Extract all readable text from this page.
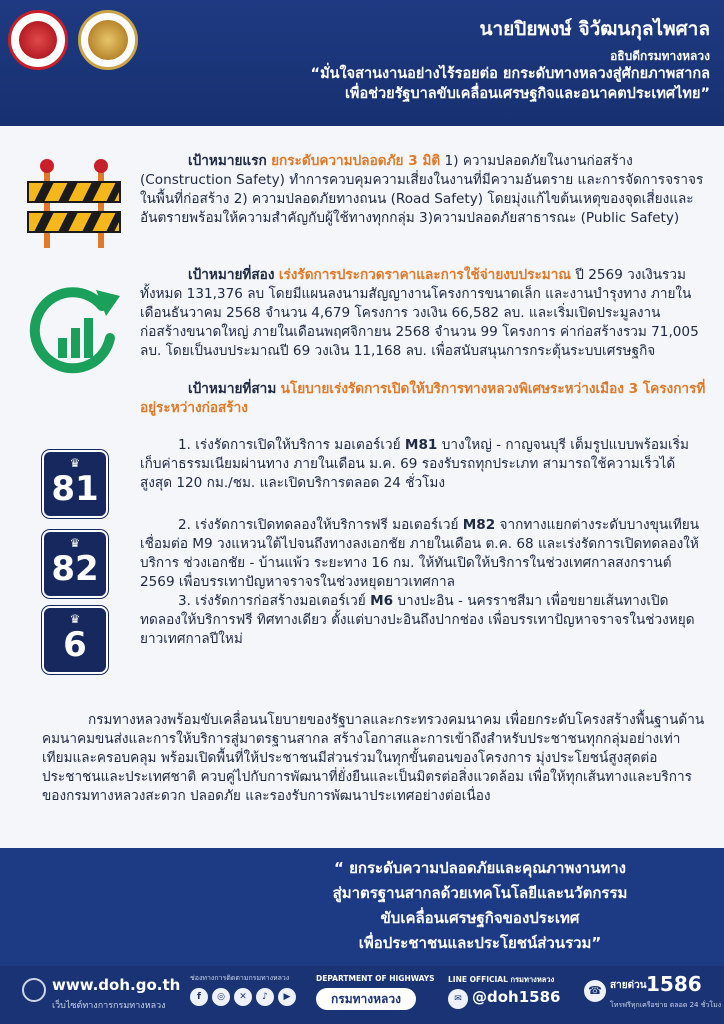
นายปิยพงษ์ จิวัฒนกุลไพศาล
อธิบดีกรมทางหลวง
“มั่นใจสานงานอย่างไร้รอยต่อ ยกระดับทางหลวงสู่ศักยภาพสากล
เพื่อช่วยรัฐบาลขับเคลื่อนเศรษฐกิจและอนาคตประเทศไทย”
♛
81
♛
82
♛
6
เป้าหมายแรก ยกระดับความปลอดภัย 3 มิติ 1) ความปลอดภัยในงานก่อสร้าง (Construction Safety) ทำการควบคุมความเสี่ยงในงานที่มีความอันตราย และการจัดการจราจรในพื้นที่ก่อสร้าง 2) ความปลอดภัยทางถนน (Road Safety) โดยมุ่งแก้ไขต้นเหตุของจุดเสี่ยงและอันตรายพร้อมให้ความสำคัญกับผู้ใช้ทางทุกกลุ่ม 3)ความปลอดภัยสาธารณะ (Public Safety)
เป้าหมายที่สอง เร่งรัดการประกวดราคาและการใช้จ่ายงบประมาณ ปี 2569 วงเงินรวมทั้งหมด 131,376 ลบ โดยมีแผนลงนามสัญญางานโครงการขนาดเล็ก และงานบำรุงทาง ภายในเดือนธันวาคม 2568 จำนวน 4,679 โครงการ วงเงิน 66,582 ลบ. และเริ่มเปิดประมูลงานก่อสร้างขนาดใหญ่ ภายในเดือนพฤศจิกายน 2568 จำนวน 99 โครงการ ค่าก่อสร้างรวม 71,005 ลบ. โดยเป็นงบประมาณปี 69 วงเงิน 11,168 ลบ. เพื่อสนับสนุนการกระตุ้นระบบเศรษฐกิจ
เป้าหมายที่สาม นโยบายเร่งรัดการเปิดให้บริการทางหลวงพิเศษระหว่างเมือง 3 โครงการที่อยู่ระหว่างก่อสร้าง
1. เร่งรัดการเปิดให้บริการ มอเตอร์เวย์ M81 บางใหญ่ - กาญจนบุรี เต็มรูปแบบพร้อมเริ่มเก็บค่าธรรมเนียมผ่านทาง ภายในเดือน ม.ค. 69 รองรับรถทุกประเภท สามารถใช้ความเร็วได้สูงสุด 120 กม./ชม. และเปิดบริการตลอด 24 ชั่วโมง
2. เร่งรัดการเปิดทดลองให้บริการฟรี มอเตอร์เวย์ M82 จากทางแยกต่างระดับบางขุนเทียน เชื่อมต่อ M9 วงแหวนใต้ไปจนถึงทางลงเอกชัย ภายในเดือน ต.ค. 68 และเร่งรัดการเปิดทดลองให้บริการ ช่วงเอกชัย - บ้านแพ้ว ระยะทาง 16 กม. ให้ทันเปิดให้บริการในช่วงเทศกาลสงกรานต์ 2569 เพื่อบรรเทาปัญหาจราจรในช่วงหยุดยาวเทศกาล
3. เร่งรัดการก่อสร้างมอเตอร์เวย์ M6 บางปะอิน - นครราชสีมา เพื่อขยายเส้นทางเปิดทดลองให้บริการฟรี ทิศทางเดียว ตั้งแต่บางปะอินถึงปากช่อง เพื่อบรรเทาปัญหาจราจรในช่วงหยุดยาวเทศกาลปีใหม่
กรมทางหลวงพร้อมขับเคลื่อนนโยบายของรัฐบาลและกระทรวงคมนาคม เพื่อยกระดับโครงสร้างพื้นฐานด้านคมนาคมขนส่งและการให้บริการสู่มาตรฐานสากล สร้างโอกาสและการเข้าถึงสำหรับประชาชนทุกกลุ่มอย่างเท่าเทียมและครอบคลุม พร้อมเปิดพื้นที่ให้ประชาชนมีส่วนร่วมในทุกขั้นตอนของโครงการ มุ่งประโยชน์สูงสุดต่อประชาชนและประเทศชาติ ควบคู่ไปกับการพัฒนาที่ยั่งยืนและเป็นมิตรต่อสิ่งแวดล้อม เพื่อให้ทุกเส้นทางและบริการของกรมทางหลวงสะดวก ปลอดภัย และรองรับการพัฒนาประเทศอย่างต่อเนื่อง
“ ยกระดับความปลอดภัยและคุณภาพงานทาง
สู่มาตรฐานสากลด้วยเทคโนโลยีและนวัตกรรม
ขับเคลื่อนเศรษฐกิจของประเทศ
เพื่อประชาชนและประโยชน์ส่วนรวม”
www.doh.go.th
เว็บไซต์ทางการกรมทางหลวง
ช่องทางการติดตามกรมทางหลวง
f	◎	✕	♪	▶
DEPARTMENT OF HIGHWAYS
กรมทางหลวง
LINE OFFICIAL กรมทางหลวง
✉ @doh1586	☎ สายด่วน 1586
โทรฟรีทุกเครือข่าย ตลอด 24 ชั่วโมง
